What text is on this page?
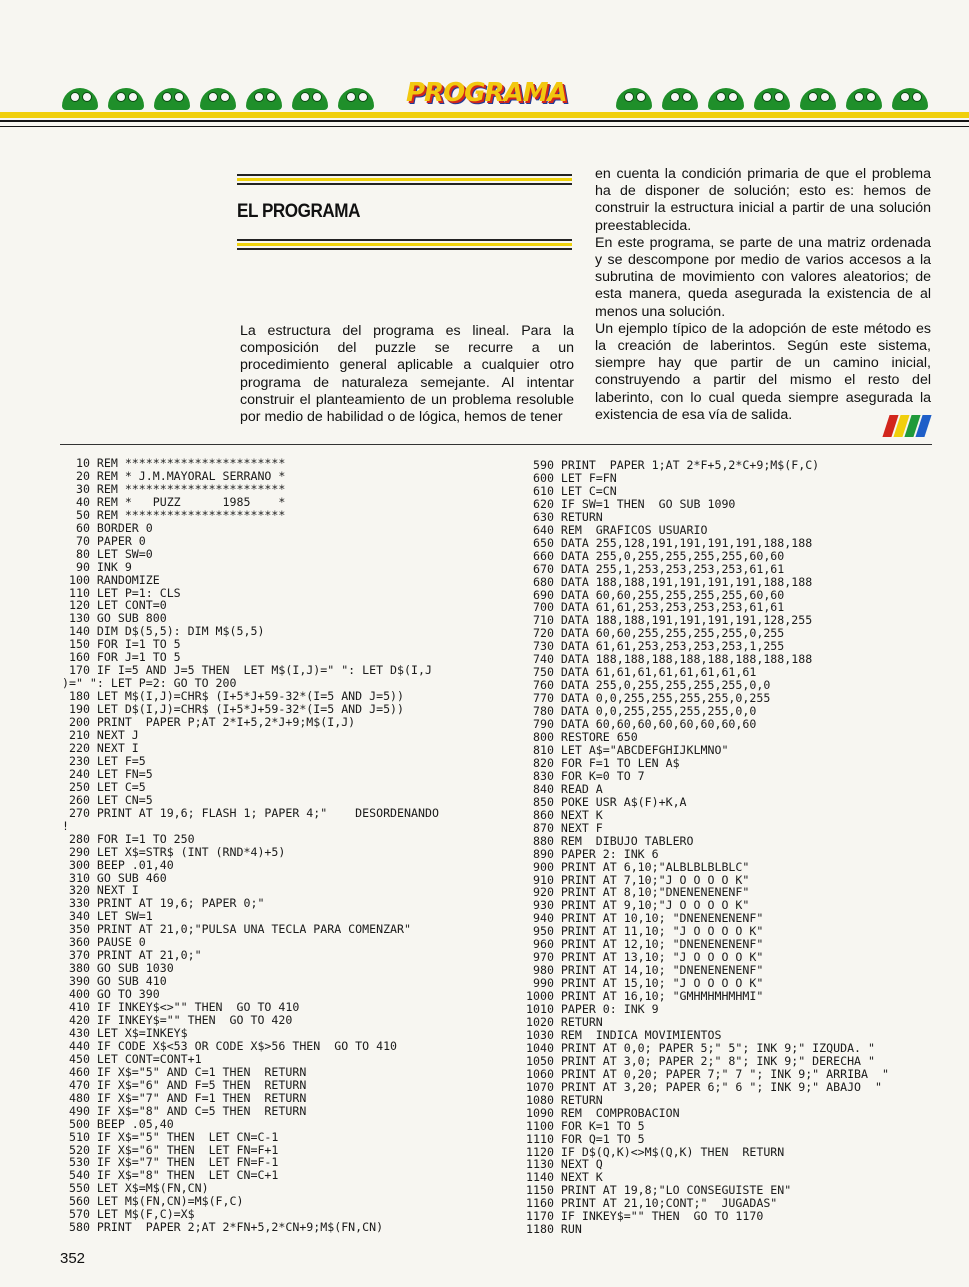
PROGRAMA
EL PROGRAMA
La estructura del programa es lineal. Para la composición del puzzle se recurre a un procedimiento general aplicable a cualquier otro programa de naturaleza semejante. Al intentar construir el planteamiento de un problema resoluble por medio de habilidad o de lógica, hemos de tener

en cuenta la condición primaria de que el problema ha de disponer de solución; esto es: hemos de construir la estructura inicial a partir de una solución preestablecida.

En este programa, se parte de una matriz ordenada y se descompone por medio de varios accesos a la subrutina de movimiento con valores aleatorios; de esta manera, queda asegurada la existencia de al menos una solución.

Un ejemplo típico de la adopción de este método es la creación de laberintos. Según este sistema, siempre hay que partir de un camino inicial, construyendo a partir del mismo el resto del laberinto, con lo cual queda siempre asegurada la existencia de esa vía de salida.

10 REM ***********************
20 REM * J.M.MAYORAL SERRANO *
30 REM ***********************
40 REM *   PUZZ      1985    *
50 REM ***********************
60 BORDER 0
70 PAPER 0
80 LET SW=0
90 INK 9
100 RANDOMIZE
110 LET P=1: CLS
120 LET CONT=0
130 GO SUB 800
140 DIM D$(5,5): DIM M$(5,5)
150 FOR I=1 TO 5
160 FOR J=1 TO 5
170 IF I=5 AND J=5 THEN  LET M$(I,J)=" ": LET D$(I,J
)=" ": LET P=2: GO TO 200
180 LET M$(I,J)=CHR$ (I+5*J+59-32*(I=5 AND J=5))
190 LET D$(I,J)=CHR$ (I+5*J+59-32*(I=5 AND J=5))
200 PRINT  PAPER P;AT 2*I+5,2*J+9;M$(I,J)
210 NEXT J
220 NEXT I
230 LET F=5
240 LET FN=5
250 LET C=5
260 LET CN=5
270 PRINT AT 19,6; FLASH 1; PAPER 4;"    DESORDENANDO
!
280 FOR I=1 TO 250
290 LET X$=STR$ (INT (RND*4)+5)
300 BEEP .01,40
310 GO SUB 460
320 NEXT I
330 PRINT AT 19,6; PAPER 0;"
340 LET SW=1
350 PRINT AT 21,0;"PULSA UNA TECLA PARA COMENZAR"
360 PAUSE 0
370 PRINT AT 21,0;"
380 GO SUB 1030
390 GO SUB 410
400 GO TO 390
410 IF INKEY$<>"" THEN  GO TO 410
420 IF INKEY$="" THEN  GO TO 420
430 LET X$=INKEY$
440 IF CODE X$<53 OR CODE X$>56 THEN  GO TO 410
450 LET CONT=CONT+1
460 IF X$="5" AND C=1 THEN  RETURN
470 IF X$="6" AND F=5 THEN  RETURN
480 IF X$="7" AND F=1 THEN  RETURN
490 IF X$="8" AND C=5 THEN  RETURN
500 BEEP .05,40
510 IF X$="5" THEN  LET CN=C-1
520 IF X$="6" THEN  LET FN=F+1
530 IF X$="7" THEN  LET FN=F-1
540 IF X$="8" THEN  LET CN=C+1
550 LET X$=M$(FN,CN)
560 LET M$(FN,CN)=M$(F,C)
570 LET M$(F,C)=X$
580 PRINT  PAPER 2;AT 2*FN+5,2*CN+9;M$(FN,CN)
590 PRINT  PAPER 1;AT 2*F+5,2*C+9;M$(F,C)
600 LET F=FN
610 LET C=CN
620 IF SW=1 THEN  GO SUB 1090
630 RETURN
640 REM  GRAFICOS USUARIO
650 DATA 255,128,191,191,191,191,188,188
660 DATA 255,0,255,255,255,255,60,60
670 DATA 255,1,253,253,253,253,61,61
680 DATA 188,188,191,191,191,191,188,188
690 DATA 60,60,255,255,255,255,60,60
700 DATA 61,61,253,253,253,253,61,61
710 DATA 188,188,191,191,191,191,128,255
720 DATA 60,60,255,255,255,255,0,255
730 DATA 61,61,253,253,253,253,1,255
740 DATA 188,188,188,188,188,188,188,188
750 DATA 61,61,61,61,61,61,61,61
760 DATA 255,0,255,255,255,255,0,0
770 DATA 0,0,255,255,255,255,0,255
780 DATA 0,0,255,255,255,255,0,0
790 DATA 60,60,60,60,60,60,60,60
800 RESTORE 650
810 LET A$="ABCDEFGHIJKLMNO"
820 FOR F=1 TO LEN A$
830 FOR K=0 TO 7
840 READ A
850 POKE USR A$(F)+K,A
860 NEXT K
870 NEXT F
880 REM  DIBUJO TABLERO
890 PAPER 2: INK 6
900 PRINT AT 6,10;"ALBLBLBLBLC"
910 PRINT AT 7,10;"J O O O O K"
920 PRINT AT 8,10;"DNENENENENF"
930 PRINT AT 9,10;"J O O O O K"
940 PRINT AT 10,10; "DNENENENENF"
950 PRINT AT 11,10; "J O O O O K"
960 PRINT AT 12,10; "DNENENENENF"
970 PRINT AT 13,10; "J O O O O K"
980 PRINT AT 14,10; "DNENENENENF"
990 PRINT AT 15,10; "J O O O O K"
1000 PRINT AT 16,10; "GMHMHMHMHMI"
1010 PAPER 0: INK 9
1020 RETURN
1030 REM  INDICA MOVIMIENTOS
1040 PRINT AT 0,0; PAPER 5;" 5"; INK 9;" IZQUDA. "
1050 PRINT AT 3,0; PAPER 2;" 8"; INK 9;" DERECHA "
1060 PRINT AT 0,20; PAPER 7;" 7 "; INK 9;" ARRIBA  "
1070 PRINT AT 3,20; PAPER 6;" 6 "; INK 9;" ABAJO  "
1080 RETURN
1090 REM  COMPROBACION
1100 FOR K=1 TO 5
1110 FOR Q=1 TO 5
1120 IF D$(Q,K)<>M$(Q,K) THEN  RETURN
1130 NEXT Q
1140 NEXT K
1150 PRINT AT 19,8;"LO CONSEGUISTE EN"
1160 PRINT AT 21,10;CONT;"  JUGADAS"
1170 IF INKEY$="" THEN  GO TO 1170
1180 RUN
352
